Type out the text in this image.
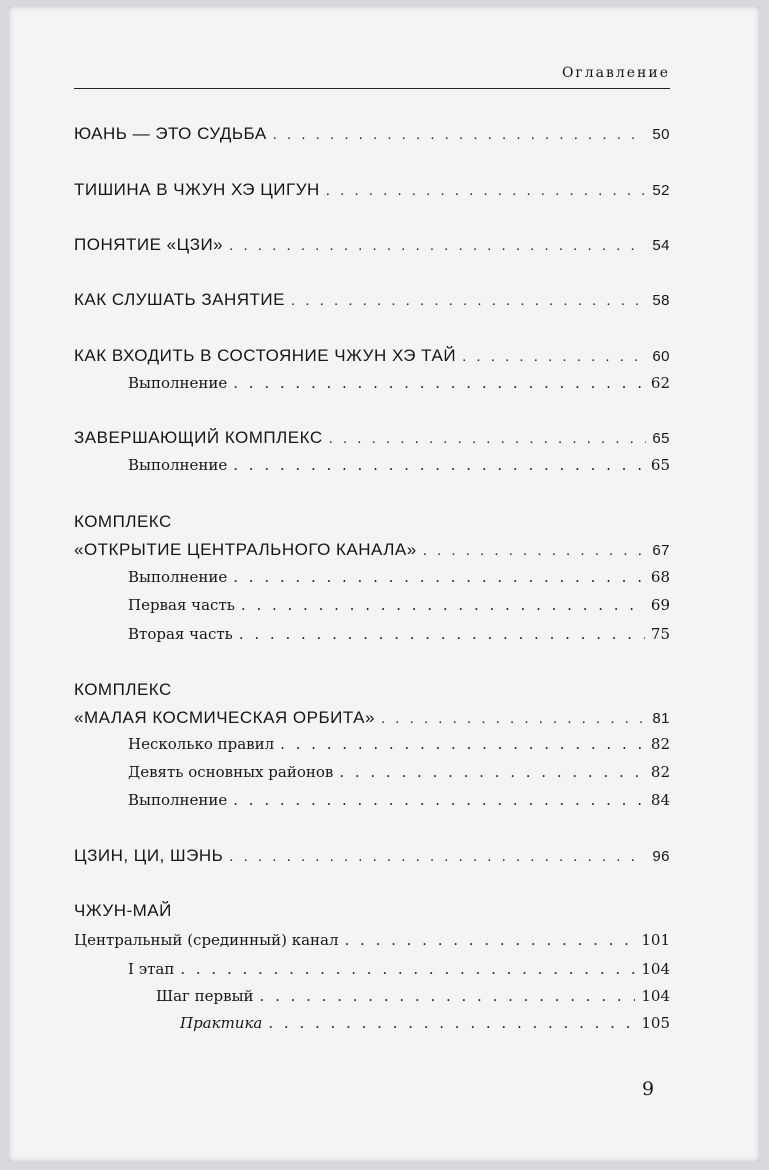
Оглавление
ЮАНЬ — ЭТО СУДЬБА . . .	50
ТИШИНА В ЧЖУН ХЭ ЦИГУН . . .	52
ПОНЯТИЕ «ЦЗИ» . . .	54
КАК СЛУШАТЬ ЗАНЯТИЕ . . .	58
КАК ВХОДИТЬ В СОСТОЯНИЕ ЧЖУН ХЭ ТАЙ . . .	60
Выполнение . . .	62
ЗАВЕРШАЮЩИЙ КОМПЛЕКС . . .	65
Выполнение . . .	65
КОМПЛЕКС
«ОТКРЫТИЕ ЦЕНТРАЛЬНОГО КАНАЛА» . . .	67
Выполнение . . .	68
Первая часть . . .	69
Вторая часть . . .	75
КОМПЛЕКС
«МАЛАЯ КОСМИЧЕСКАЯ ОРБИТА» . . .	81
Несколько правил . . .	82
Девять основных районов . . .	82
Выполнение . . .	84
ЦЗИН, ЦИ, ШЭНЬ . . .	96
ЧЖУН-МАЙ
Центральный (срединный) канал . . .	101
I этап . . .	104
Шаг первый . . .	104
Практика . . .	105
9
